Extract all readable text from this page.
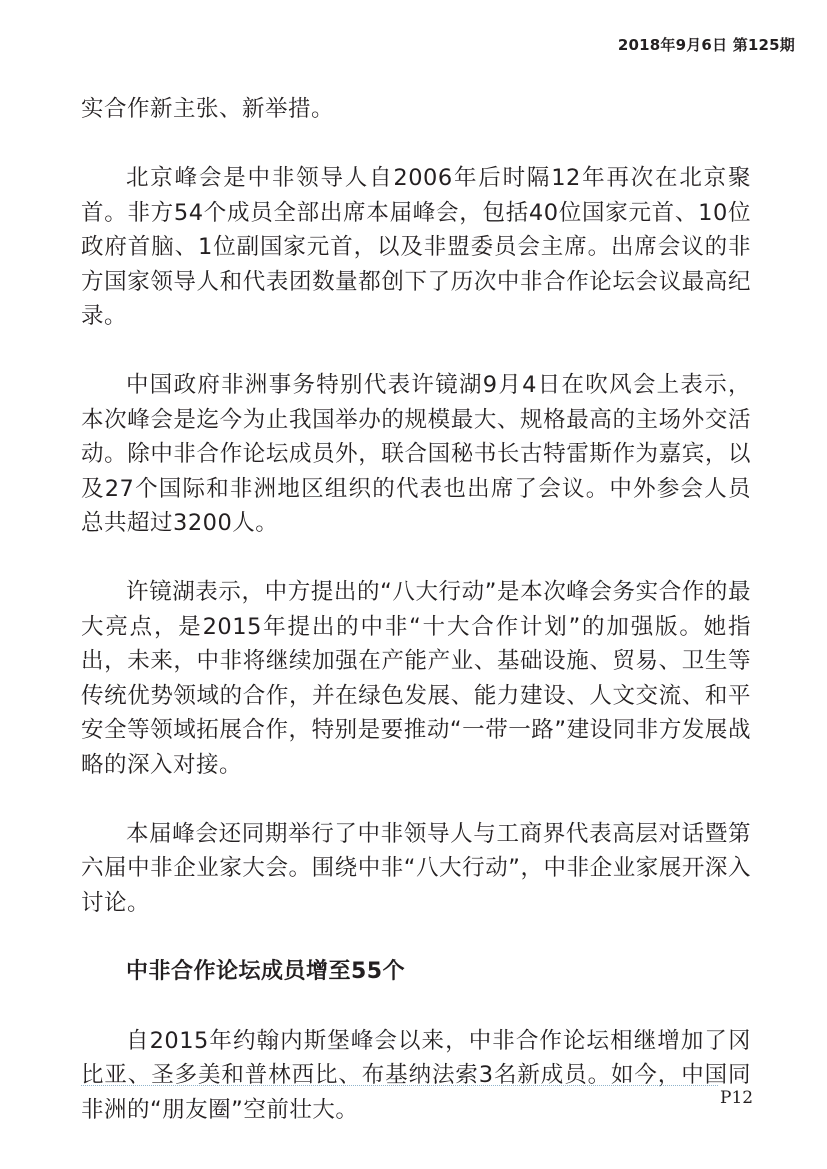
2018年9月6日 第125期

实合作新主张、新举措。

北京峰会是中非领导人自2006年后时隔12年再次在北京聚首。非方54个成员全部出席本届峰会，包括40位国家元首、10位政府首脑、1位副国家元首，以及非盟委员会主席。出席会议的非方国家领导人和代表团数量都创下了历次中非合作论坛会议最高纪录。

中国政府非洲事务特别代表许镜湖9月4日在吹风会上表示，本次峰会是迄今为止我国举办的规模最大、规格最高的主场外交活动。除中非合作论坛成员外，联合国秘书长古特雷斯作为嘉宾，以及27个国际和非洲地区组织的代表也出席了会议。中外参会人员总共超过3200人。

许镜湖表示，中方提出的“八大行动”是本次峰会务实合作的最大亮点，是2015年提出的中非“十大合作计划”的加强版。她指出，未来，中非将继续加强在产能产业、基础设施、贸易、卫生等传统优势领域的合作，并在绿色发展、能力建设、人文交流、和平安全等领域拓展合作，特别是要推动“一带一路”建设同非方发展战略的深入对接。

本届峰会还同期举行了中非领导人与工商界代表高层对话暨第六届中非企业家大会。围绕中非“八大行动”，中非企业家展开深入讨论。

中非合作论坛成员增至55个

自2015年约翰内斯堡峰会以来，中非合作论坛相继增加了冈比亚、圣多美和普林西比、布基纳法索3名新成员。如今，中国同非洲的“朋友圈”空前壮大。	P12
